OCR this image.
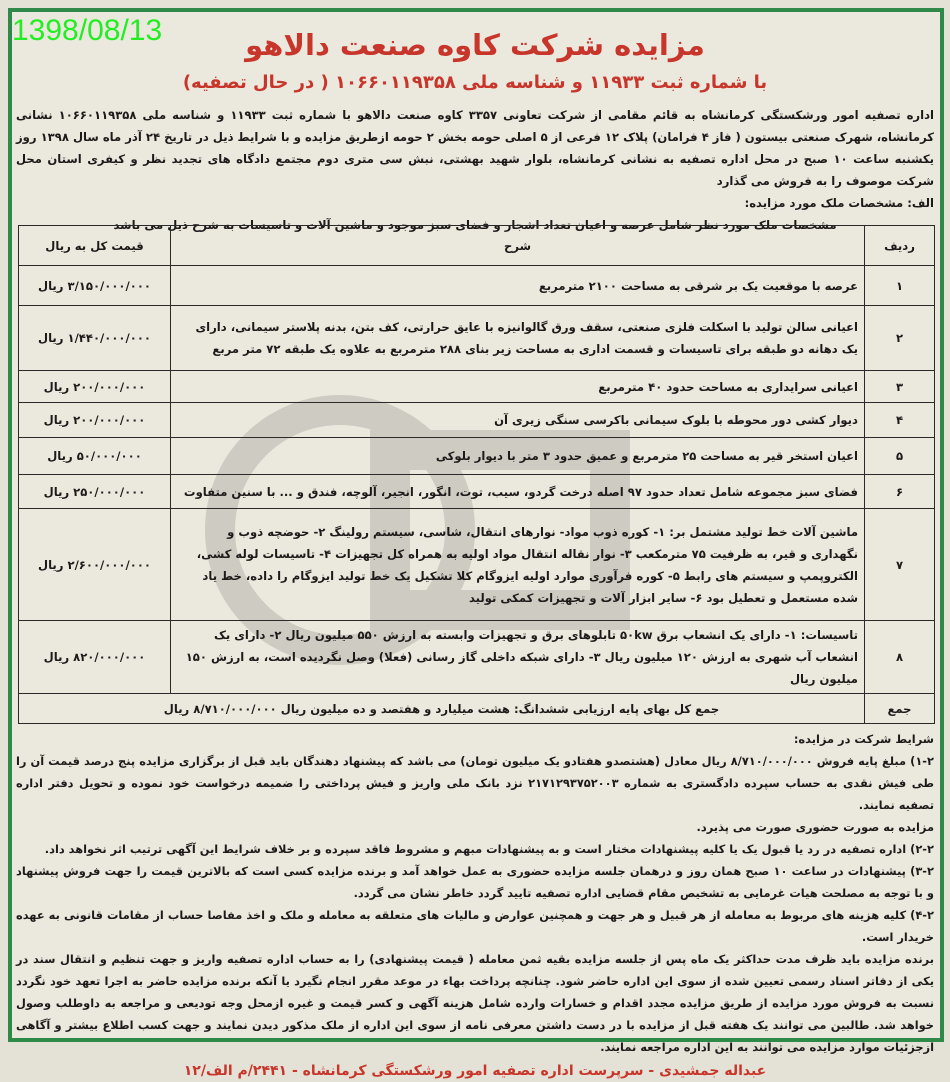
1398/08/13	مزایده شرکت کاوه صنعت دالاهو
با شماره ثبت ۱۱۹۳۳ و شناسه ملی ۱۰۶۶۰۱۱۹۳۵۸ ( در حال تصفیه)

اداره تصفیه امور ورشکستگی کرمانشاه به قائم مقامی از شرکت تعاونی ۳۳۵۷ کاوه صنعت دالاهو با شماره ثبت ۱۱۹۳۳ و شناسه ملی ۱۰۶۶۰۱۱۹۳۵۸ نشانی کرمانشاه، شهرک صنعتی بیستون ( فاز ۴ فرامان) پلاک ۱۲ فرعی از ۵ اصلی حومه بخش ۲ حومه ازطریق مزایده و با شرایط ذیل در تاریخ ۲۴ آذر ماه سال ۱۳۹۸ روز یکشنبه ساعت ۱۰ صبح در محل اداره تصفیه به نشانی کرمانشاه، بلوار شهید بهشتی، نبش سی متری دوم مجتمع دادگاه های تجدید نظر و کیفری استان محل شرکت موصوف را به فروش می گذارد

الف: مشخصات ملک مورد مزایده:

مشخصات ملک مورد نظر شامل عرصه و اعیان تعداد اشجار و فضای سبز موجود و ماشین آلات و تاسیسات به شرح ذیل می باشد

ردیف	شرح	قیمت کل به ریال
۱	عرصه با موقعیت یک بر شرقی به مساحت ۲۱۰۰ مترمربع	۳/۱۵۰/۰۰۰/۰۰۰ ریال
۲	اعیانی سالن تولید با اسکلت فلزی صنعتی، سقف ورق گالوانیزه با عایق حرارتی، کف بتن، بدنه پلاستر سیمانی، دارای یک دهانه دو طبقه برای تاسیسات و قسمت اداری به مساحت زیر بنای ۲۸۸ مترمربع به علاوه یک طبقه ۷۲ متر مربع	۱/۴۴۰/۰۰۰/۰۰۰ ریال
۳	اعیانی سرایداری به مساحت حدود ۴۰ مترمربع	۲۰۰/۰۰۰/۰۰۰ ریال
۴	دیوار کشی دور محوطه با بلوک سیمانی باکرسی سنگی زیری آن	۲۰۰/۰۰۰/۰۰۰ ریال
۵	اعیان استخر قیر به مساحت ۲۵ مترمربع و عمیق حدود ۳ متر با دیوار بلوکی	۵۰/۰۰۰/۰۰۰ ریال
۶	فضای سبز مجموعه شامل تعداد حدود ۹۷ اصله درخت گردو، سیب، توت، انگور، انجیر، آلوچه، فندق و ... با سنین متفاوت	۲۵۰/۰۰۰/۰۰۰ ریال
۷	ماشین آلات خط تولید مشتمل بر: ۱- کوره ذوب مواد- نوارهای انتقال، شاسی، سیستم رولینگ ۲- حوضچه ذوب و نگهداری و قیر، به ظرفیت ۷۵ مترمکعب ۳- نوار نقاله انتقال مواد اولیه به همراه کل تجهیزات ۴- تاسیسات لوله کشی، الکتروپمپ و سیستم های رابط ۵- کوره فرآوری موارد اولیه ایزوگام کلا تشکیل یک خط تولید ایزوگام را داده، خط یاد شده مستعمل و تعطیل بود ۶- سایر ابزار آلات و تجهیزات کمکی تولید	۲/۶۰۰/۰۰۰/۰۰۰ ریال
۸	تاسیسات: ۱- دارای یک انشعاب برق ۵۰kw تابلوهای برق و تجهیزات وابسته به ارزش ۵۵۰ میلیون ریال ۲- دارای یک انشعاب آب شهری به ارزش ۱۲۰ میلیون ریال ۳- دارای شبکه داخلی گاز رسانی (فعلا) وصل نگردیده است، به ارزش ۱۵۰ میلیون ریال	۸۲۰/۰۰۰/۰۰۰ ریال
جمع	جمع کل بهای پایه ارزیابی ششدانگ: هشت میلیارد و هفتصد و ده میلیون ریال ۸/۷۱۰/۰۰۰/۰۰۰ ریال	

شرایط شرکت در مزایده:

۱-۲) مبلغ پایه فروش ۸/۷۱۰/۰۰۰/۰۰۰ ریال معادل (هشتصدو هفتادو یک میلیون تومان) می باشد که پیشنهاد دهندگان باید قبل از برگزاری مزایده پنج درصد قیمت آن را طی فیش نقدی به حساب سپرده دادگستری به شماره ۲۱۷۱۲۹۳۷۵۲۰۰۳ نزد بانک ملی واریز و فیش پرداختی را ضمیمه درخواست خود نموده و تحویل دفتر اداره تصفیه نمایند.

مزایده به صورت حضوری صورت می پذیرد.

۲-۲) اداره تصفیه در رد یا قبول یک یا کلیه پیشنهادات مختار است و به پیشنهادات مبهم و مشروط فاقد سپرده و بر خلاف شرایط این آگهی ترتیب اثر نخواهد داد.

۳-۲) پیشنهادات در ساعت ۱۰ صبح همان روز و درهمان جلسه مزایده حضوری به عمل خواهد آمد و برنده مزایده کسی است که بالاترین قیمت را جهت فروش پیشنهاد و با توجه به مصلحت هیات غرمایی به تشخیص مقام قضایی اداره تصفیه تایید گردد خاطر نشان می گردد.

۴-۲) کلیه هزینه های مربوط به معامله از هر قبیل و هر جهت و همچنین عوارض و مالیات های متعلقه به معامله و ملک و اخذ مفاصا حساب از مقامات قانونی به عهده خریدار است.

برنده مزایده باید ظرف مدت حداکثر یک ماه پس از جلسه مزایده بقیه ثمن معامله ( قیمت پیشنهادی) را به حساب اداره تصفیه واریز و جهت تنظیم و انتقال سند در یکی از دفاتر اسناد رسمی تعیین شده از سوی این اداره حاضر شود. چنانچه پرداخت بهاء در موعد مقرر انجام نگیرد یا آنکه برنده مزایده حاضر به اجرا تعهد خود نگردد نسبت به فروش مورد مزایده از طریق مزایده مجدد اقدام و خسارات وارده شامل هزینه آگهی و کسر قیمت و غیره ازمحل وجه تودیعی و مراجعه به داوطلب وصول خواهد شد. طالبین می توانند یک هفته قبل از مزایده با در دست داشتن معرفی نامه از سوی این اداره از ملک مذکور دیدن نمایند و جهت کسب اطلاع بیشتر و آگاهی ازجزئیات موارد مزایده می توانند به این اداره مراجعه نمایند.

عبداله جمشیدی - سرپرست اداره تصفیه امور ورشکستگی کرمانشاه - ۲۴۴۱/م الف/۱۲
